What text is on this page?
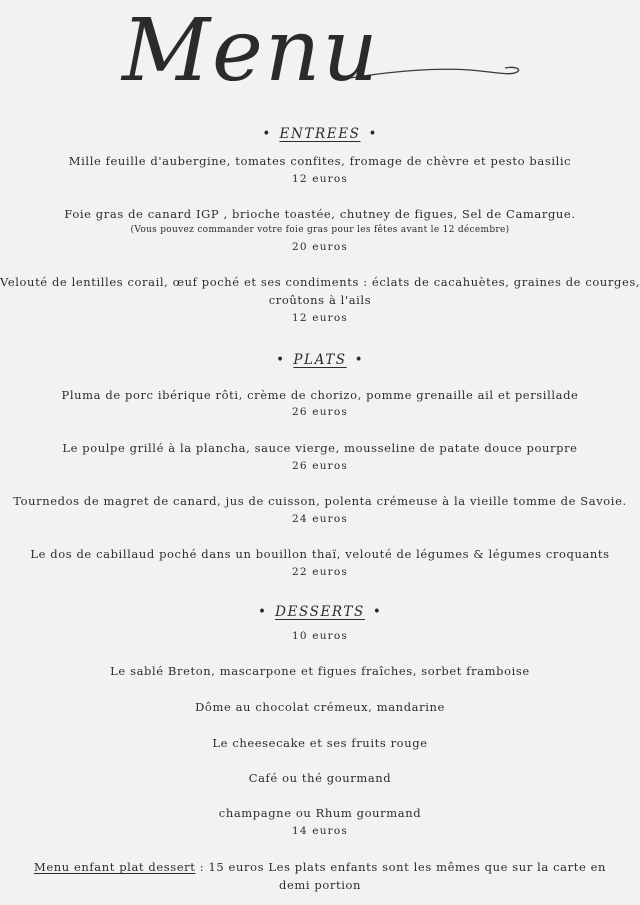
Menu
• ENTREES •
Mille feuille d'aubergine, tomates confites, fromage de chèvre et pesto basilic
12 euros
Foie gras de canard IGP , brioche toastée, chutney de figues, Sel de Camargue.
(Vous pouvez commander votre foie gras pour les fêtes avant le 12 décembre)
20 euros
Velouté de lentilles corail, œuf poché et ses condiments : éclats de cacahuètes, graines de courges,
croûtons à l'ails
12 euros
• PLATS •
Pluma de porc ibérique rôti, crème de chorizo, pomme grenaille ail et persillade
26 euros
Le poulpe grillé à la plancha, sauce vierge, mousseline de patate douce pourpre
26 euros
Tournedos de magret de canard, jus de cuisson, polenta crémeuse à la vieille tomme de Savoie.
24 euros
Le dos de cabillaud poché dans un bouillon thaï, velouté de légumes & légumes croquants
22 euros
• DESSERTS •
10 euros
Le sablé Breton, mascarpone et figues fraîches, sorbet framboise
Dôme au chocolat crémeux, mandarine
Le cheesecake et ses fruits rouge
Café ou thé gourmand
champagne ou Rhum gourmand
14 euros
Menu enfant plat dessert : 15 euros Les plats enfants sont les mêmes que sur la carte en
demi portion
